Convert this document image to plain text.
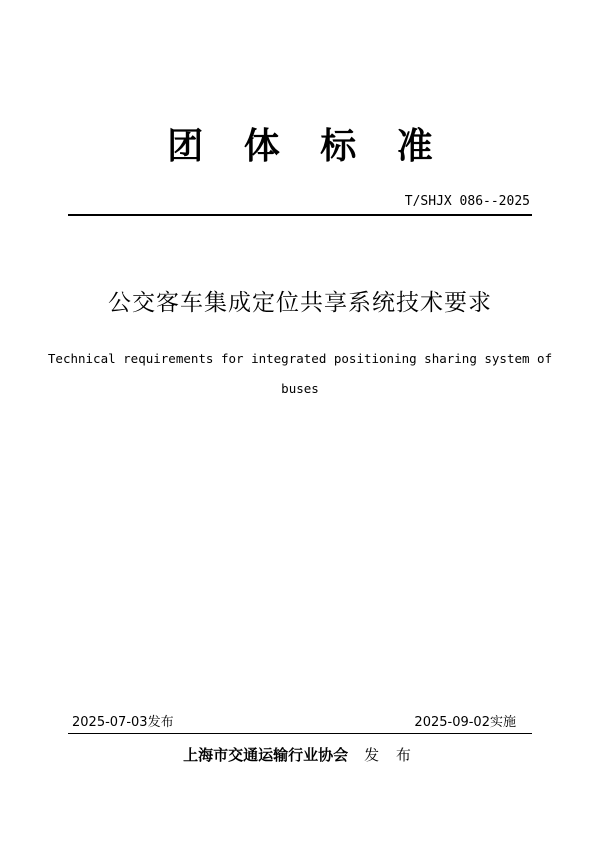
团 体 标 准
T/SHJX 086--2025
公交客车集成定位共享系统技术要求
Technical requirements for integrated positioning sharing system of buses
2025-07-03发布	2025-09-02实施
上海市交通运输行业协会 发 布
